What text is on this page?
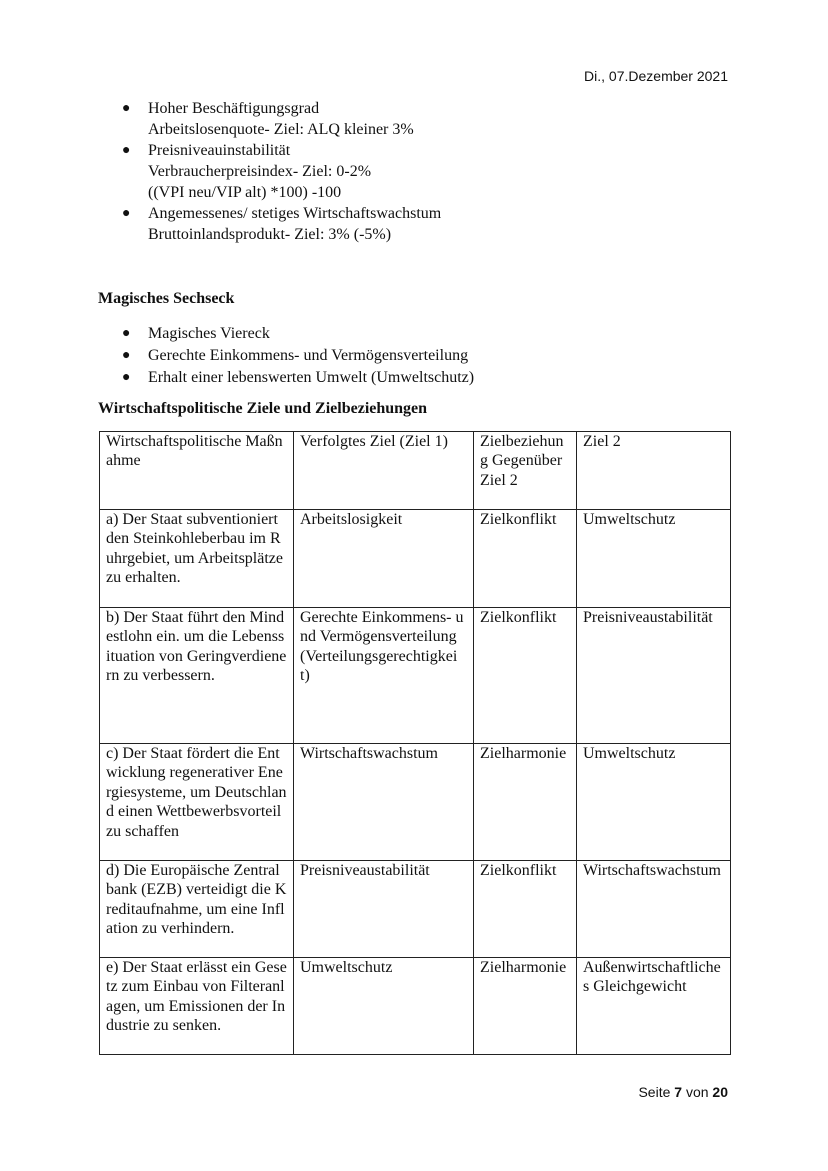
Di., 07.Dezember 2021
● Hoher Beschäftigungsgrad
Arbeitslosenquote- Ziel: ALQ kleiner 3%
● Preisniveauinstabilität
Verbraucherpreisindex- Ziel: 0-2%
((VPI neu/VIP alt) *100) -100
● Angemessenes/ stetiges Wirtschaftswachstum
Bruttoinlandsprodukt- Ziel: 3% (-5%)
Magisches Sechseck
● Magisches Viereck
● Gerechte Einkommens- und Vermögensverteilung
● Erhalt einer lebenswerten Umwelt (Umweltschutz)
Wirtschaftspolitische Ziele und Zielbeziehungen
Wirtschaftspolitische Maßnahme	Verfolgtes Ziel (Ziel 1)	Zielbeziehung Gegenüber Ziel 2	Ziel 2
a) Der Staat subventioniert den Steinkohleberbau im Ruhrgebiet, um Arbeitsplätze zu erhalten.	Arbeitslosigkeit	Zielkonflikt	Umweltschutz
b) Der Staat führt den Mindestlohn ein. um die Lebenssituation von Geringverdienern zu verbessern.	Gerechte Einkommens- und Vermögensverteilung (Verteilungsgerechtigkeit)	Zielkonflikt	Preisniveaustabilität
c) Der Staat fördert die Entwicklung regenerativer Energiesysteme, um Deutschland einen Wettbewerbsvorteil zu schaffen	Wirtschaftswachstum	Zielharmonie	Umweltschutz
d) Die Europäische Zentralbank (EZB) verteidigt die Kreditaufnahme, um eine Inflation zu verhindern.	Preisniveaustabilität	Zielkonflikt	Wirtschaftswachstum
e) Der Staat erlässt ein Gesetz zum Einbau von Filteranlagen, um Emissionen der Industrie zu senken.	Umweltschutz	Zielharmonie	Außenwirtschaftliches Gleichgewicht
Seite 7 von 20
